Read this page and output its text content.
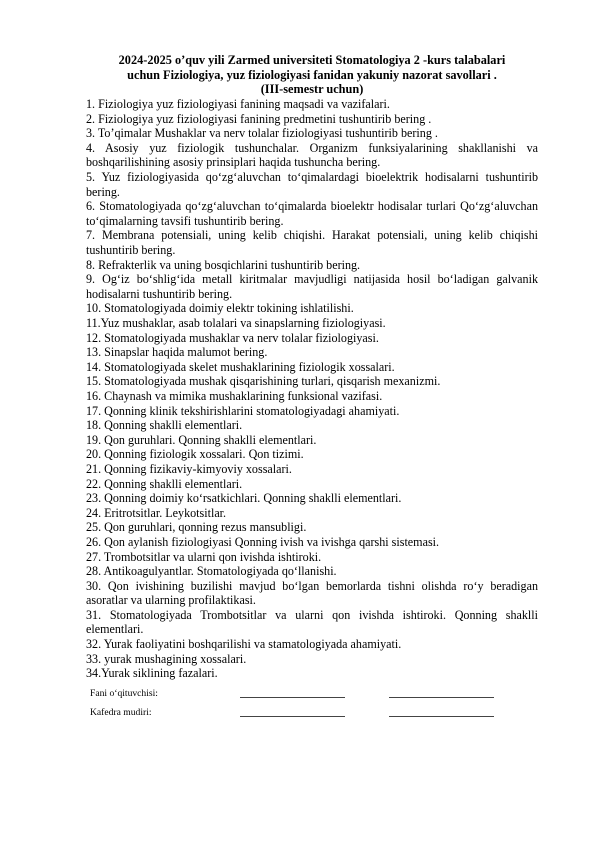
2024-2025 o’quv yili Zarmed universiteti Stomatologiya 2 -kurs talabalari
uchun Fiziologiya, yuz fiziologiyasi fanidan yakuniy nazorat savollari .
(III-semestr uchun)
1. Fiziologiya yuz fiziologiyasi fanining maqsadi va vazifalari.
2. Fiziologiya yuz fiziologiyasi fanining predmetini tushuntirib bering .
3. To’qimalar Mushaklar va nerv tolalar fiziologiyasi tushuntirib bering .
4. Asosiy yuz fiziologik tushunchalar. Organizm funksiyalarining shakllanishi va boshqarilishining asosiy prinsiplari haqida tushuncha bering.
5. Yuz fiziologiyasida qo‘zg‘aluvchan to‘qimalardagi bioelektrik hodisalarni tushuntirib bering.
6. Stomatologiyada qo‘zg‘aluvchan to‘qimalarda bioelektr hodisalar turlari Qo‘zg‘aluvchan to‘qimalarning tavsifi tushuntirib bering.
7. Membrana potensiali, uning kelib chiqishi. Harakat potensiali, uning kelib chiqishi tushuntirib bering.
8. Refrakterlik va uning bosqichlarini tushuntirib bering.
9. Og‘iz bo‘shlig‘ida metall kiritmalar mavjudligi natijasida hosil bo‘ladigan galvanik hodisalarni tushuntirib bering.
10. Stomatologiyada doimiy elektr tokining ishlatilishi.
11.Yuz mushaklar, asab tolalari va sinapslarning fiziologiyasi.
12. Stomatologiyada mushaklar va nerv tolalar fiziologiyasi.
13. Sinapslar haqida malumot bering.
14. Stomatologiyada skelet mushaklarining fiziologik xossalari.
15. Stomatologiyada mushak qisqarishining turlari, qisqarish mexanizmi.
16. Chaynash va mimika mushaklarining funksional vazifasi.
17. Qonning klinik tekshirishlarini stomatologiyadagi ahamiyati.
18. Qonning shaklli elementlari.
19. Qon guruhlari. Qonning shaklli elementlari.
20. Qonning fiziologik xossalari. Qon tizimi.
21. Qonning fizikaviy-kimyoviy xossalari.
22. Qonning shaklli elementlari.
23. Qonning doimiy ko‘rsatkichlari. Qonning shaklli elementlari.
24. Eritrotsitlar. Leykotsitlar.
25. Qon guruhlari, qonning rezus mansubligi.
26. Qon aylanish fiziologiyasi Qonning ivish va ivishga qarshi sistemasi.
27. Trombotsitlar va ularni qon ivishda ishtiroki.
28. Antikoagulyantlar. Stomatologiyada qo‘llanishi.
30. Qon ivishining buzilishi mavjud bo‘lgan bemorlarda tishni olishda ro‘y beradigan asoratlar va ularning profilaktikasi.
31. Stomatologiyada Trombotsitlar va ularni qon ivishda ishtiroki. Qonning shaklli elementlari.
32. Yurak faoliyatini boshqarilishi va stamatologiyada ahamiyati.
33. yurak mushagining xossalari.
34.Yurak siklining fazalari.
Fani o‘qituvchisi:
Kafedra mudiri:
